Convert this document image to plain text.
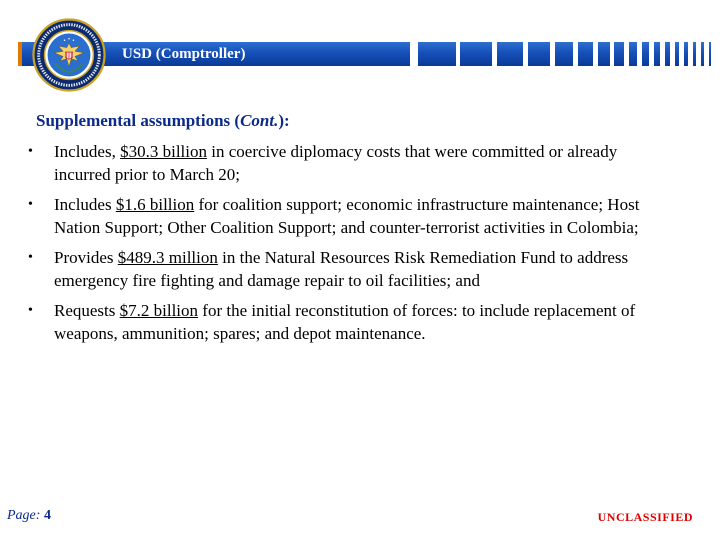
USD (Comptroller)
Supplemental assumptions (Cont.):
• Includes, $30.3 billion in coercive diplomacy costs that were committed or already incurred prior to March 20;
• Includes $1.6 billion for coalition support; economic infrastructure maintenance; Host Nation Support; Other Coalition Support; and counter-terrorist activities in Colombia;
• Provides $489.3 million in the Natural Resources Risk Remediation Fund to address emergency fire fighting and damage repair to oil facilities; and
• Requests $7.2 billion for the initial reconstitution of forces: to include replacement of weapons, ammunition; spares; and depot maintenance.
Page: 4	UNCLASSIFIED
